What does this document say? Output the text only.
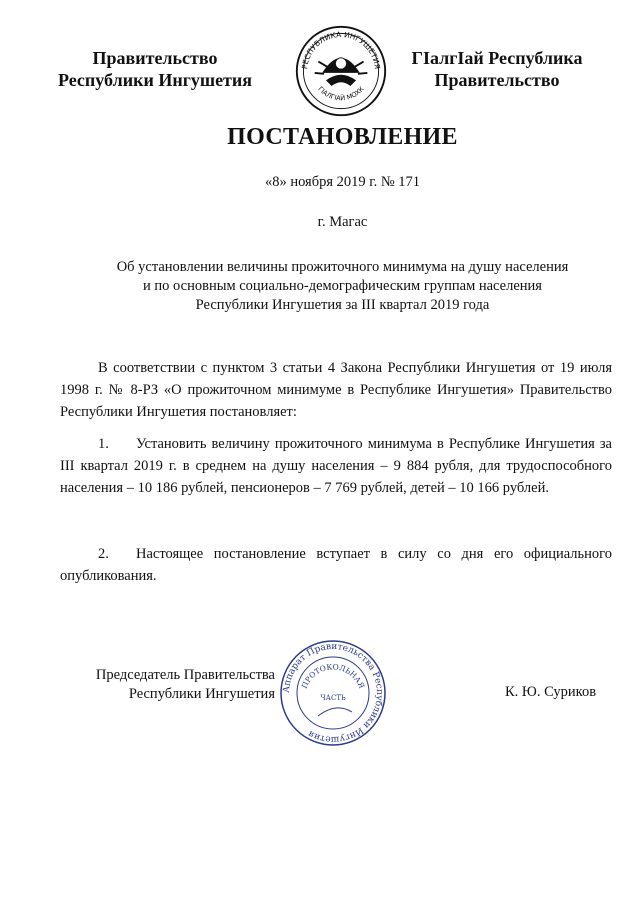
Правительство
Республики Ингушетия
РЕСПУБЛИКА ИНГУШЕТИЯ
ГIАЛГIАЙ МОХК
ГIалгIай Республика
Правительство
ПОСТАНОВЛЕНИЕ
«8» ноября 2019 г. № 171
г. Магас
Об установлении величины прожиточного минимума на душу населения
и по основным социально-демографическим группам населения
Республики Ингушетия за III квартал 2019 года
В соответствии с пунктом 3 статьи 4 Закона Республики Ингушетия от 19 июля 1998 г. № 8-РЗ «О прожиточном минимуме в Республике Ингушетия» Правительство Республики Ингушетия постановляет:
1. Установить величину прожиточного минимума в Республике Ингушетия за III квартал 2019 г. в среднем на душу населения – 9 884 рубля, для трудоспособного населения – 10 186 рублей, пенсионеров – 7 769 рублей, детей – 10 166 рублей.
2. Настоящее постановление вступает в силу со дня его официального опубликования.
Председатель Правительства
Республики Ингушетия Аппарат Правительства Республики Ингушетия
ПРОТОКОЛЬНАЯ
ЧАСТЬ	К. Ю. Суриков
